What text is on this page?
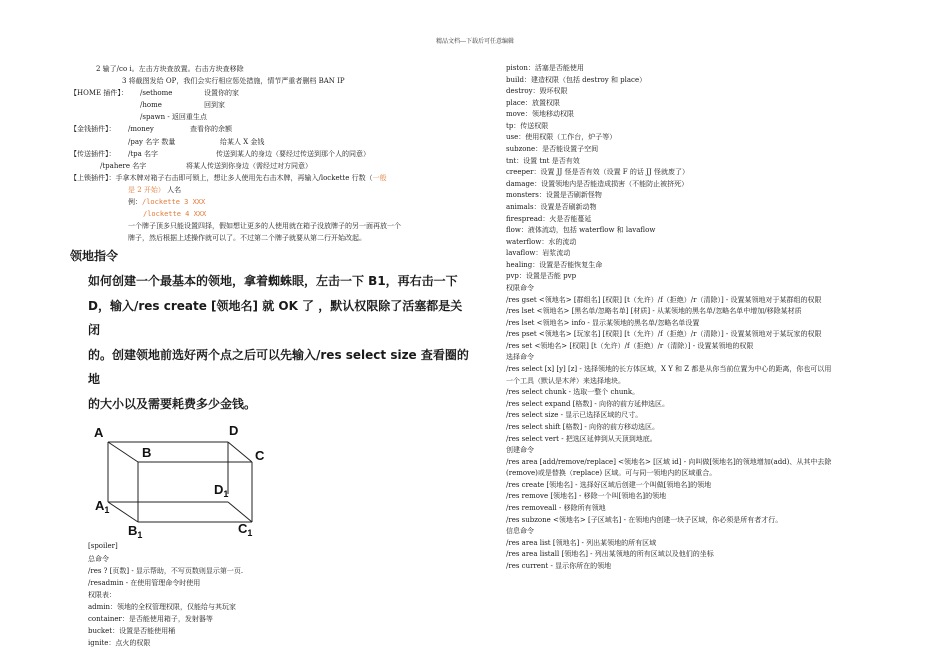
精品文档---下载后可任意编辑
2 输了/co i。左击方块查放置。右击方块查移除
3 将截图发给 OP，我们会实行相应惩处措施，情节严重者删档 BAN IP
【HOME 插件】： /sethome	设置你的家
/home	回到家
/spawn - 返回重生点
【金钱插件】： /money	查看你的余额
/pay 名字 数量	给某人 X 金钱
【传送插件】： /tpa 名字	传送到某人的身边（要经过传送到那个人的同意）
/tpahere 名字	将某人传送到你身边（需经过对方同意）
【上锁插件】：手拿木牌对箱子右击即可锁上，想让多人使用先右击木牌，再输入/lockette 行数（一般
是 2 开始） 人名
例：/lockette 3 XXX
/lockette 4 XXX
一个牌子顶多只能设置四择，假如想让更多的人使用就在箱子没放牌子的另一面再放一个
牌子，然后根据上述操作就可以了。不过第二个牌子就要从第二行开始改起。
领地指令
如何创建一个最基本的领地，拿着蜘蛛眼，左击一下 B1，再右击一下
D，输入/res create [领地名] 就 OK 了 ，默认权限除了活塞都是关闭
的。创建领地前选好两个点之后可以先输入/res select size 查看圈的地
的大小以及需要耗费多少金钱。
A
B
D
C
$D_1$
$A_1$
$B_1$	$C_1$
[spoiler]
总命令
/res ? [页数] - 显示帮助，不写页数则显示第一页.
/resadmin - 在使用管理命令时使用
权限表：
admin：领地的全权管理权限，仅能给与其玩家
container：是否能使用箱子，发射器等
bucket：设置是否能使用桶
ignite：点火的权限
piston：活塞是否能使用
build：建造权限（包括 destroy 和 place）
destroy：毁坏权限
place：放置权限
move：领地移动权限
tp：传送权限
use：使用权限（工作台，炉子等）
subzone：是否能设置子空间
tnt：设置 tnt 是否有效
creeper：设置 JJ 怪是否有效（设置 F 的话 JJ 怪就废了）
damage：设置领地内是否能造成损害（不能防止被挤死）
monsters：设置是否刷新怪物
animals：设置是否刷新动物
firespread：火是否能蔓延
flow：液体流动，包括 waterflow 和 lavaflow
waterflow：水的流动
lavaflow：岩浆流动
healing：设置是否能恢复生命
pvp：设置是否能 pvp
权限命令
/res gset <领地名> [群组名] [权限] [t（允许）/f（拒绝）/r（清除）] - 设置某领地对于某群组的权限
/res lset <领地名> [黑名单/忽略名单] [材质] - 从某领地的黑名单/忽略名单中增加/移除某材质
/res lset <领地名> info - 显示某领地的黑名单/忽略名单设置
/res pset <领地名> [玩家名] [权限] [t（允许）/f（拒绝）/r（清除）] - 设置某领地对于某玩家的权限
/res set <领地名> [权限] [t（允许）/f（拒绝）/r（清除）] - 设置某领地的权限
选择命令
/res select [x] [y] [z] - 选择领地的长方体区域，X Y 和 Z 都是从你当前位置为中心的距离，你也可以用
一个工具（默认是木斧）来选择地块。
/res select chunk - 选取一整个 chunk。
/res select expand [格数] - 向你的前方延伸选区。
/res select size - 显示已选择区域的尺寸。
/res select shift [格数] - 向你的前方移动选区。
/res select vert - 把选区延伸到从天顶到地底。
创建命令
/res area [add/remove/replace] <领地名> [区域 id] - 向叫做[领地名]的领地增加(add)、从其中去除
(remove)或是替换（replace) 区域。可与同一领地内的区域重合。
/res create [领地名] - 选择好区域后创建一个叫做[领地名]的领地
/res remove [领地名] - 移除一个叫[领地名]的领地
/res removeall - 移除所有领地
/res subzone <领地名> [子区域名] - 在领地内创建一块子区域，你必须是所有者才行。
信息命令
/res area list [领地名] - 列出某领地的所有区域
/res area listall [领地名] - 列出某领地的所有区域以及他们的坐标
/res current - 显示你所在的领地
